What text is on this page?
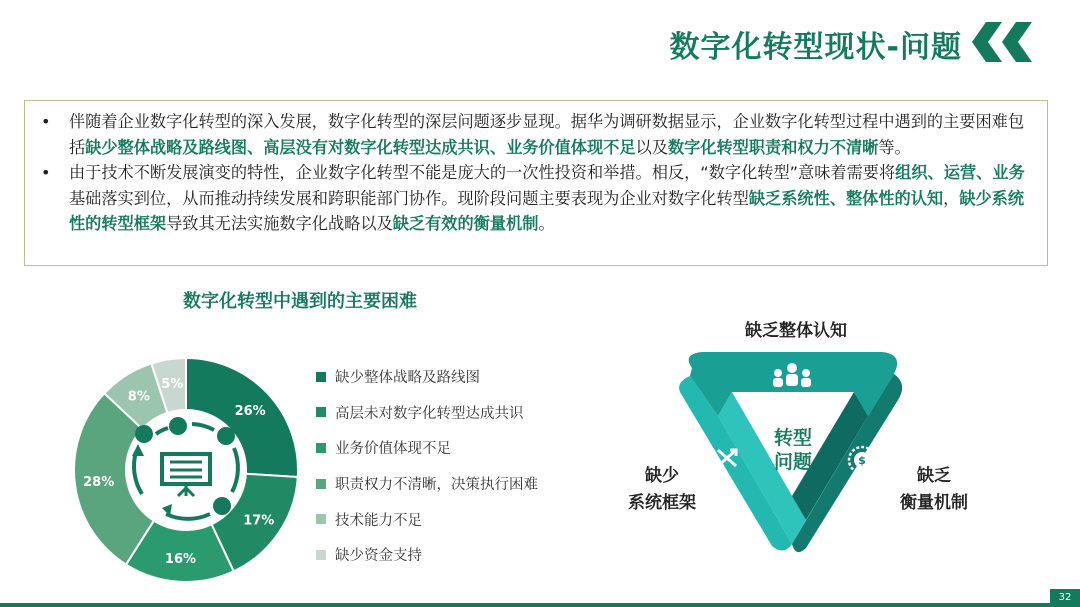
数字化转型现状-问题
• 伴随着企业数字化转型的深入发展，数字化转型的深层问题逐步显现。据华为调研数据显示，企业数字化转型过程中遇到的主要困难包括缺少整体战略及路线图、高层没有对数字化转型达成共识、业务价值体现不足以及数字化转型职责和权力不清晰等。
• 由于技术不断发展演变的特性，企业数字化转型不能是庞大的一次性投资和举措。相反，“数字化转型”意味着需要将组织、运营、业务基础落实到位，从而推动持续发展和跨职能部门协作。现阶段问题主要表现为企业对数字化转型缺乏系统性、整体性的认知，缺少系统性的转型框架导致其无法实施数字化战略以及缺乏有效的衡量机制。
数字化转型中遇到的主要困难
26%
17%
16%
28%
8%
5%	缺少整体战略及路线图
高层未对数字化转型达成共识
业务价值体现不足
职责权力不清晰，决策执行困难
技术能力不足
缺少资金支持
转型
问题	$
缺乏整体认知
缺少
系统框架
缺乏
衡量机制
32
